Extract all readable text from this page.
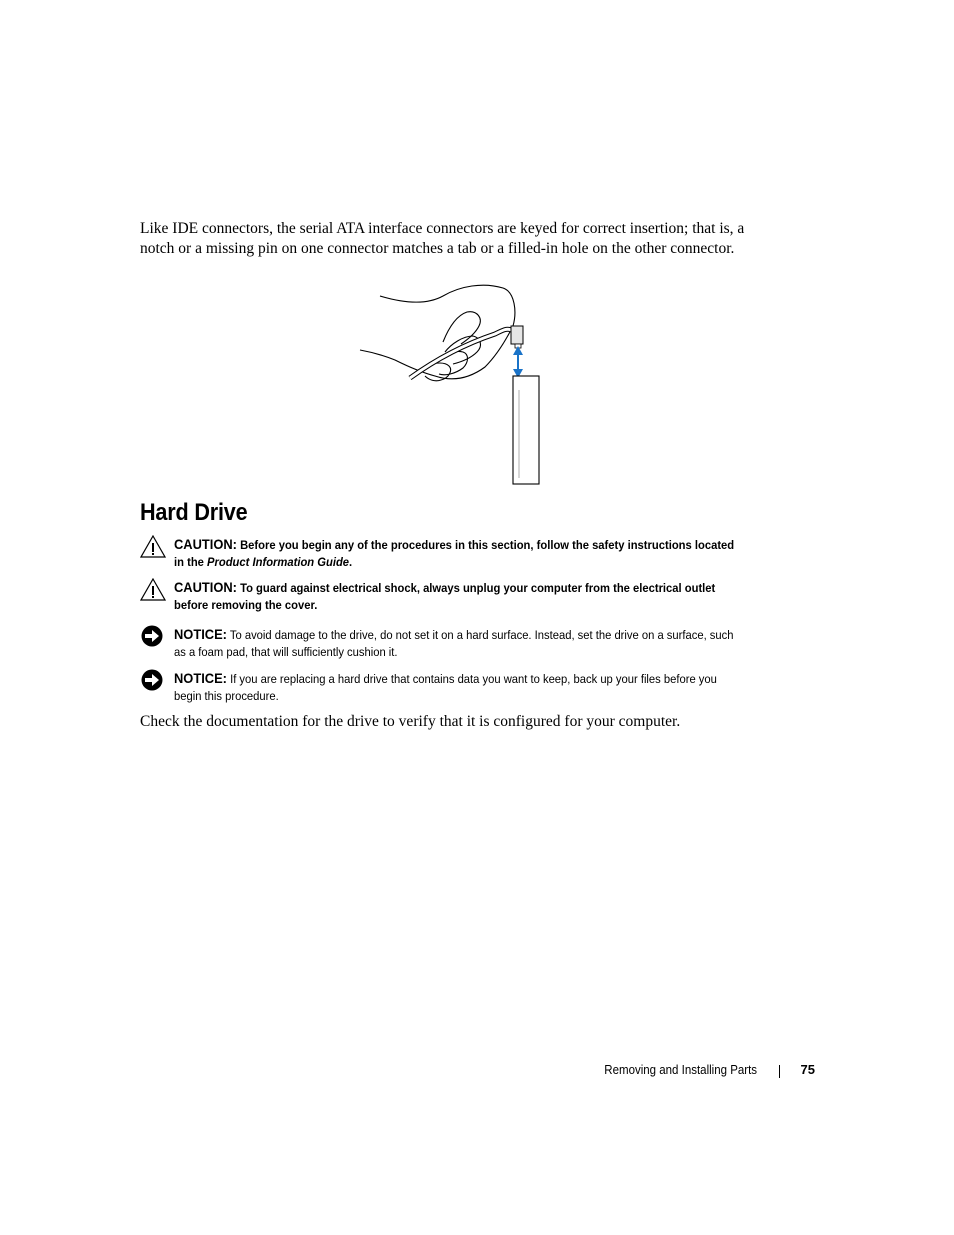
Like IDE connectors, the serial ATA interface connectors are keyed for correct insertion; that is, a notch or a missing pin on one connector matches a tab or a filled-in hole on the other connector.

Hard Drive
CAUTION: Before you begin any of the procedures in this section, follow the safety instructions located in the Product Information Guide.
CAUTION: To guard against electrical shock, always unplug your computer from the electrical outlet before removing the cover.
NOTICE: To avoid damage to the drive, do not set it on a hard surface. Instead, set the drive on a surface, such as a foam pad, that will sufficiently cushion it.
NOTICE: If you are replacing a hard drive that contains data you want to keep, back up your files before you begin this procedure.

Check the documentation for the drive to verify that it is configured for your computer.

Removing and Installing Parts	75
